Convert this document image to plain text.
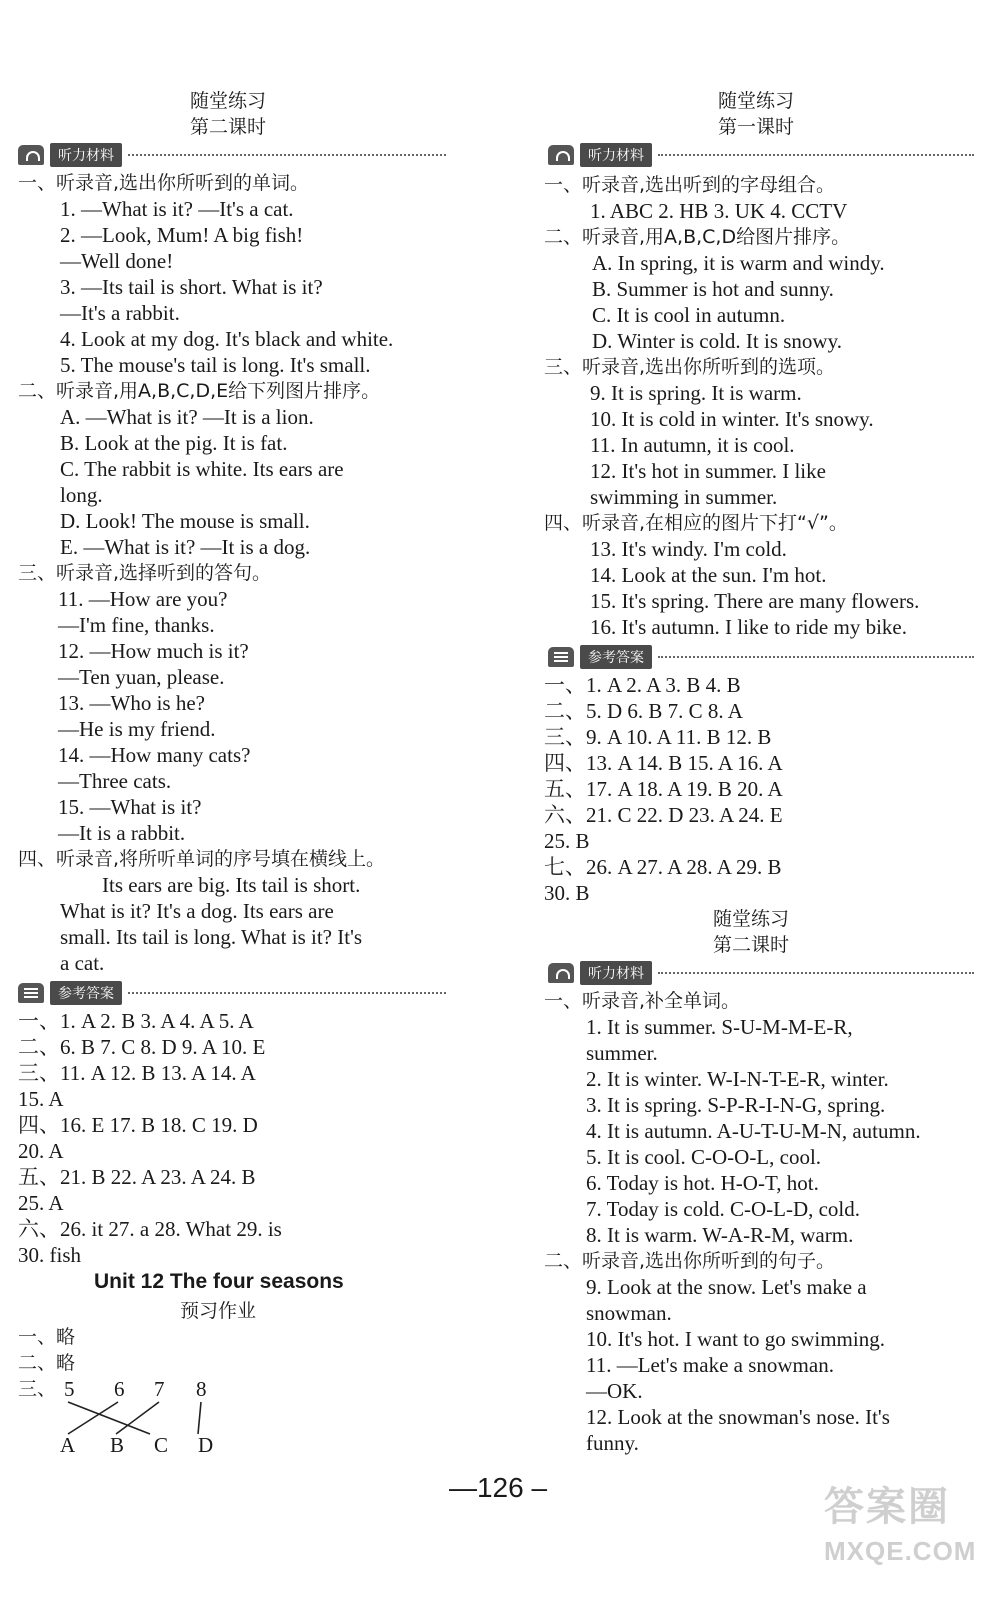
随堂练习
第二课时
听力材料
一、听录音,选出你所听到的单词。
1. —What is it? —It's a cat.
2. —Look, Mum! A big fish!
—Well done!
3. —Its tail is short. What is it?
—It's a rabbit.
4. Look at my dog. It's black and white.
5. The mouse's tail is long. It's small.
二、听录音,用A,B,C,D,E给下列图片排序。
A. —What is it? —It is a lion.
B. Look at the pig. It is fat.
C. The rabbit is white. Its ears are
long.
D. Look! The mouse is small.
E. —What is it? —It is a dog.
三、听录音,选择听到的答句。
11. —How are you?
—I'm fine, thanks.
12. —How much is it?
—Ten yuan, please.
13. —Who is he?
—He is my friend.
14. —How many cats?
—Three cats.
15. —What is it?
—It is a rabbit.
四、听录音,将所听单词的序号填在横线上。
Its ears are big. Its tail is short.
What is it? It's a dog. Its ears are
small. Its tail is long. What is it? It's
a cat.
参考答案
一、1. A 2. B 3. A 4. A 5. A
二、6. B 7. C 8. D 9. A 10. E
三、11. A 12. B 13. A 14. A
15. A
四、16. E 17. B 18. C 19. D
20. A
五、21. B 22. A 23. A 24. B
25. A
六、26. it 27. a 28. What 29. is
30. fish
Unit 12 The four seasons
预习作业
一、略
二、略
三、 5 6 7 8
A B C D
随堂练习
第一课时
听力材料
一、听录音,选出听到的字母组合。
1. ABC 2. HB 3. UK 4. CCTV
二、听录音,用A,B,C,D给图片排序。
A. In spring, it is warm and windy.
B. Summer is hot and sunny.
C. It is cool in autumn.
D. Winter is cold. It is snowy.
三、听录音,选出你所听到的选项。
9. It is spring. It is warm.
10. It is cold in winter. It's snowy.
11. In autumn, it is cool.
12. It's hot in summer. I like
swimming in summer.
四、听录音,在相应的图片下打“√”。
13. It's windy. I'm cold.
14. Look at the sun. I'm hot.
15. It's spring. There are many flowers.
16. It's autumn. I like to ride my bike.
参考答案
一、1. A 2. A 3. B 4. B
二、5. D 6. B 7. C 8. A
三、9. A 10. A 11. B 12. B
四、13. A 14. B 15. A 16. A
五、17. A 18. A 19. B 20. A
六、21. C 22. D 23. A 24. E
25. B
七、26. A 27. A 28. A 29. B
30. B
随堂练习
第二课时
听力材料
一、听录音,补全单词。
1. It is summer. S-U-M-M-E-R,
summer.
2. It is winter. W-I-N-T-E-R, winter.
3. It is spring. S-P-R-I-N-G, spring.
4. It is autumn. A-U-T-U-M-N, autumn.
5. It is cool. C-O-O-L, cool.
6. Today is hot. H-O-T, hot.
7. Today is cold. C-O-L-D, cold.
8. It is warm. W-A-R-M, warm.
二、听录音,选出你所听到的句子。
9. Look at the snow. Let's make a
snowman.
10. It's hot. I want to go swimming.
11. —Let's make a snowman.
—OK.
12. Look at the snowman's nose. It's
funny.
—126 –	答案圈
MXQE.COM
